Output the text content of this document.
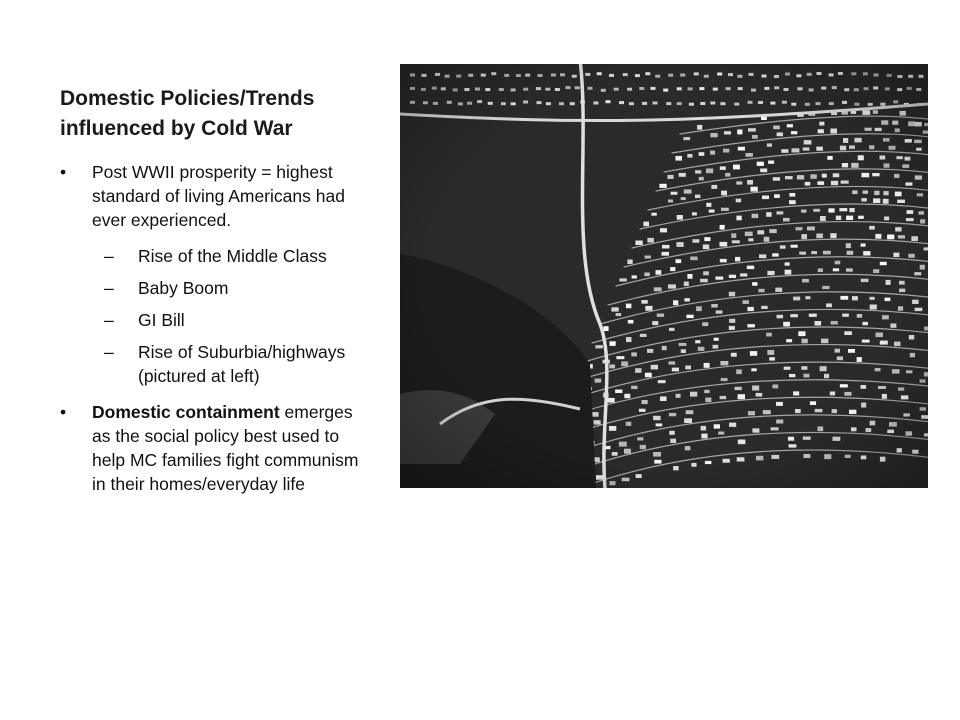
Domestic Policies/Trends influenced by Cold War
• Post WWII prosperity = highest standard of living Americans had ever experienced.
– Rise of the Middle Class
– Baby Boom
– GI Bill
– Rise of Suburbia/highways (pictured at left)
• Domestic containment emerges as the social policy best used to help MC families fight communism in their homes/everyday life
